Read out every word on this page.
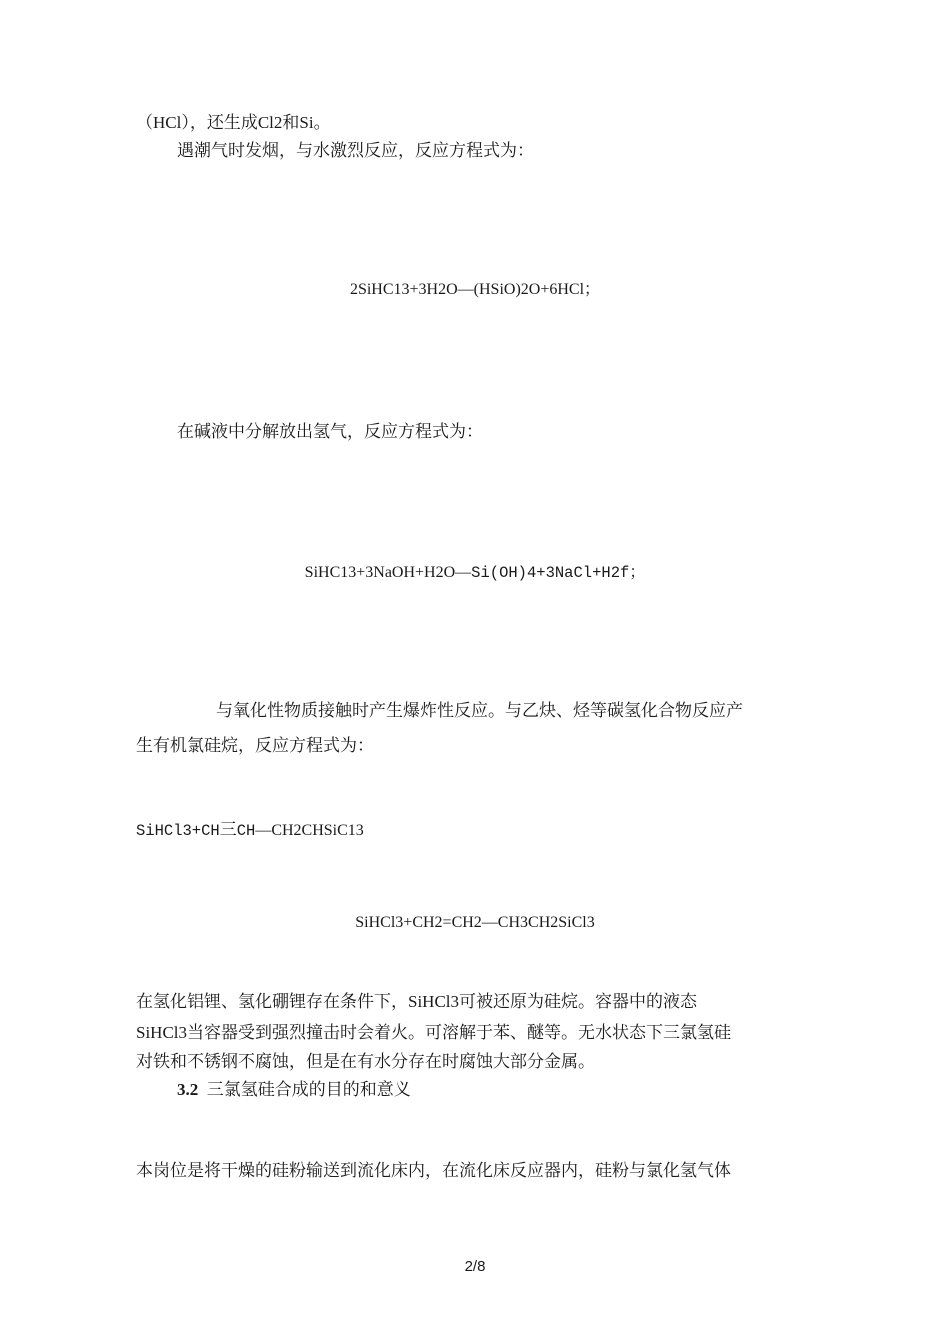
（HCl），还生成Cl2和Si。
遇潮气时发烟，与水激烈反应，反应方程式为：
2SiHC13+3H2O—(HSiO)2O+6HCl；
在碱液中分解放出氢气，反应方程式为：
SiHC13+3NaOH+H2O—Si(OH)4+3NaCl+H2f；
与氧化性物质接触时产生爆炸性反应。与乙炔、烃等碳氢化合物反应产
生有机氯硅烷，反应方程式为：
SiHCl3+CH三CH—CH2CHSiC13
SiHCl3+CH2=CH2—CH3CH2SiCl3
在氢化铝锂、氢化硼锂存在条件下，SiHCl3可被还原为硅烷。容器中的液态
SiHCl3当容器受到强烈撞击时会着火。可溶解于苯、醚等。无水状态下三氯氢硅
对铁和不锈钢不腐蚀，但是在有水分存在时腐蚀大部分金属。
3.2 三氯氢硅合成的目的和意义
本岗位是将干燥的硅粉输送到流化床内，在流化床反应器内，硅粉与氯化氢气体
2/8
